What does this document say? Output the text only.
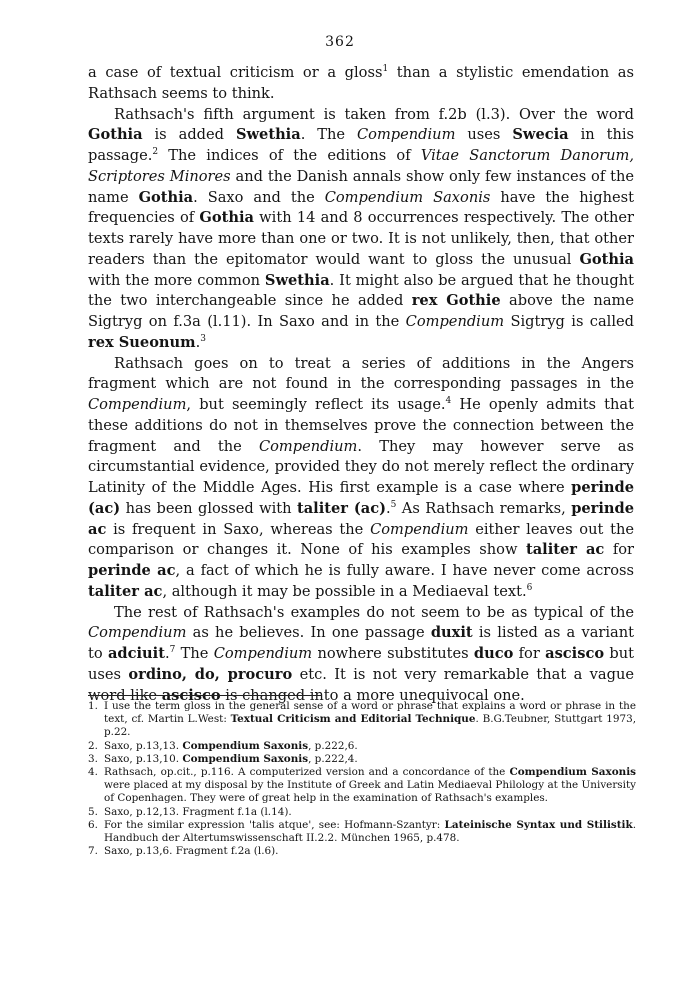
362

a case of textual criticism or a gloss$^1$ than a stylistic emendation as Rathsach seems to think.

Rathsach's fifth argument is taken from f.2b (l.3). Over the word Gothia is added Swethia. The Compendium uses Swecia in this passage.$^2$ The indices of the editions of Vitae Sanctorum Danorum, Scriptores Minores and the Danish annals show only few instances of the name Gothia. Saxo and the Compendium Saxonis have the highest frequencies of Gothia with 14 and 8 occurrences respectively. The other texts rarely have more than one or two. It is not unlikely, then, that other readers than the epitomator would want to gloss the unusual Gothia with the more common Swethia. It might also be argued that he thought the two interchangeable since he added rex Gothie above the name Sigtryg on f.3a (l.11). In Saxo and in the Compendium Sigtryg is called rex Sueonum.$^3$

Rathsach goes on to treat a series of additions in the Angers fragment which are not found in the corresponding passages in the Compendium, but seemingly reflect its usage.$^4$ He openly admits that these additions do not in themselves prove the connection between the fragment and the Compendium. They may however serve as circumstantial evidence, provided they do not merely reflect the ordinary Latinity of the Middle Ages. His first example is a case where perinde (ac) has been glossed with taliter (ac).$^5$ As Rathsach remarks, perinde ac is frequent in Saxo, whereas the Compendium either leaves out the comparison or changes it. None of his examples show taliter ac for perinde ac, a fact of which he is fully aware. I have never come across taliter ac, although it may be possible in a Mediaeval text.$^6$

The rest of Rathsach's examples do not seem to be as typical of the Compendium as he believes. In one passage duxit is listed as a variant to adciuit.$^7$ The Compendium nowhere substitutes duco for ascisco but uses ordino, do, procuro etc. It is not very remarkable that a vague word like ascisco is changed into a more unequivocal one.

1. I use the term gloss in the general sense of a word or phrase that explains a word or phrase in the text, cf. Martin L.West: Textual Criticism and Editorial Technique. B.G.Teubner, Stuttgart 1973, p.22.
2. Saxo, p.13,13. Compendium Saxonis, p.222,6.
3. Saxo, p.13,10. Compendium Saxonis, p.222,4.
4. Rathsach, op.cit., p.116. A computerized version and a concordance of the Compendium Saxonis were placed at my disposal by the Institute of Greek and Latin Mediaeval Philology at the University of Copenhagen. They were of great help in the examination of Rathsach's examples.
5. Saxo, p.12,13. Fragment f.1a (l.14).
6. For the similar expression 'talis atque', see: Hofmann-Szantyr: Lateinische Syntax und Stilistik. Handbuch der Altertumswissenschaft II.2.2. München 1965, p.478.
7. Saxo, p.13,6. Fragment f.2a (l.6).
